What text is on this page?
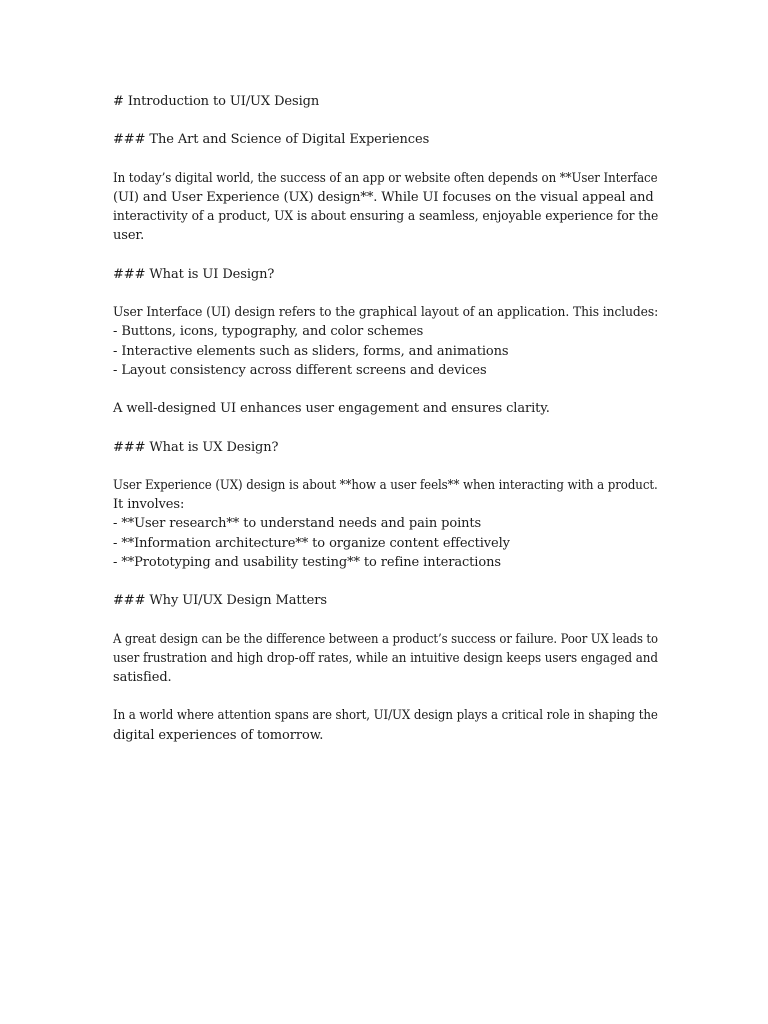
# Introduction to UI/UX Design

### The Art and Science of Digital Experiences

In today’s digital world, the success of an app or website often depends on **User Interface
(UI) and User Experience (UX) design**. While UI focuses on the visual appeal and
interactivity of a product, UX is about ensuring a seamless, enjoyable experience for the
user.

### What is UI Design?

User Interface (UI) design refers to the graphical layout of an application. This includes:
- Buttons, icons, typography, and color schemes
- Interactive elements such as sliders, forms, and animations
- Layout consistency across different screens and devices

A well-designed UI enhances user engagement and ensures clarity.

### What is UX Design?

User Experience (UX) design is about **how a user feels** when interacting with a product.
It involves:
- **User research** to understand needs and pain points
- **Information architecture** to organize content effectively
- **Prototyping and usability testing** to refine interactions

### Why UI/UX Design Matters

A great design can be the difference between a product’s success or failure. Poor UX leads to
user frustration and high drop-off rates, while an intuitive design keeps users engaged and
satisfied.

In a world where attention spans are short, UI/UX design plays a critical role in shaping the
digital experiences of tomorrow.
